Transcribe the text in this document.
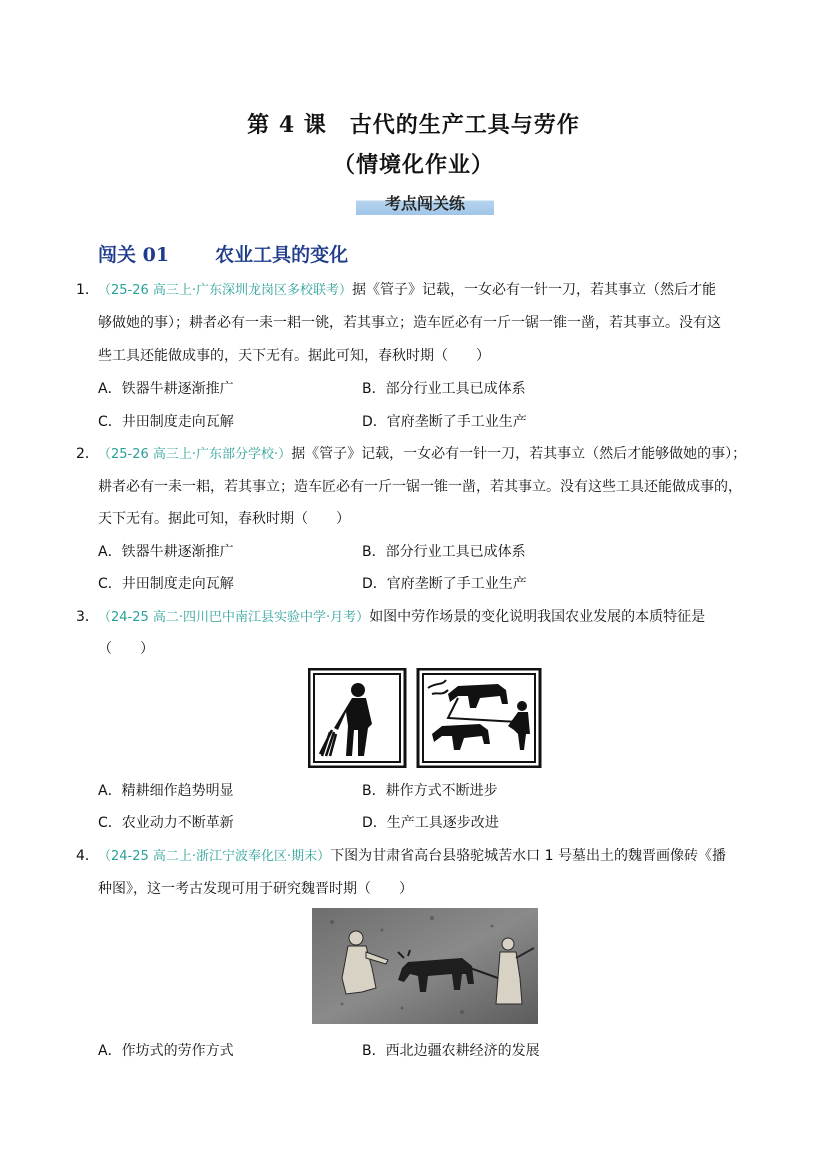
第 4 课　古代的生产工具与劳作
（情境化作业）
考点闯关练
闯关 01 农业工具的变化
1． （25-26 高三上·广东深圳龙岗区多校联考）据《管子》记载，一女必有一针一刀，若其事立（然后才能
够做她的事）；耕者必有一耒一耜一铫，若其事立；造车匠必有一斤一锯一锥一凿，若其事立。没有这
些工具还能做成事的，天下无有。据此可知，春秋时期（　　）
A．铁器牛耕逐渐推广	B．部分行业工具已成体系
C．井田制度走向瓦解	D．官府垄断了手工业生产
2． （25-26 高三上·广东部分学校·）据《管子》记载，一女必有一针一刀，若其事立（然后才能够做她的事）；
耕者必有一耒一耜，若其事立；造车匠必有一斤一锯一锥一凿，若其事立。没有这些工具还能做成事的，
天下无有。据此可知，春秋时期（　　）
A．铁器牛耕逐渐推广	B．部分行业工具已成体系
C．井田制度走向瓦解	D．官府垄断了手工业生产
3． （24-25 高二·四川巴中南江县实验中学·月考）如图中劳作场景的变化说明我国农业发展的本质特征是
（　　）
A．精耕细作趋势明显	B．耕作方式不断进步
C．农业动力不断革新	D．生产工具逐步改进
4． （24-25 高二上·浙江宁波奉化区·期末）下图为甘肃省高台县骆驼城苦水口 1 号墓出土的魏晋画像砖《播
种图》，这一考古发现可用于研究魏晋时期（　　）
A．作坊式的劳作方式	B．西北边疆农耕经济的发展
